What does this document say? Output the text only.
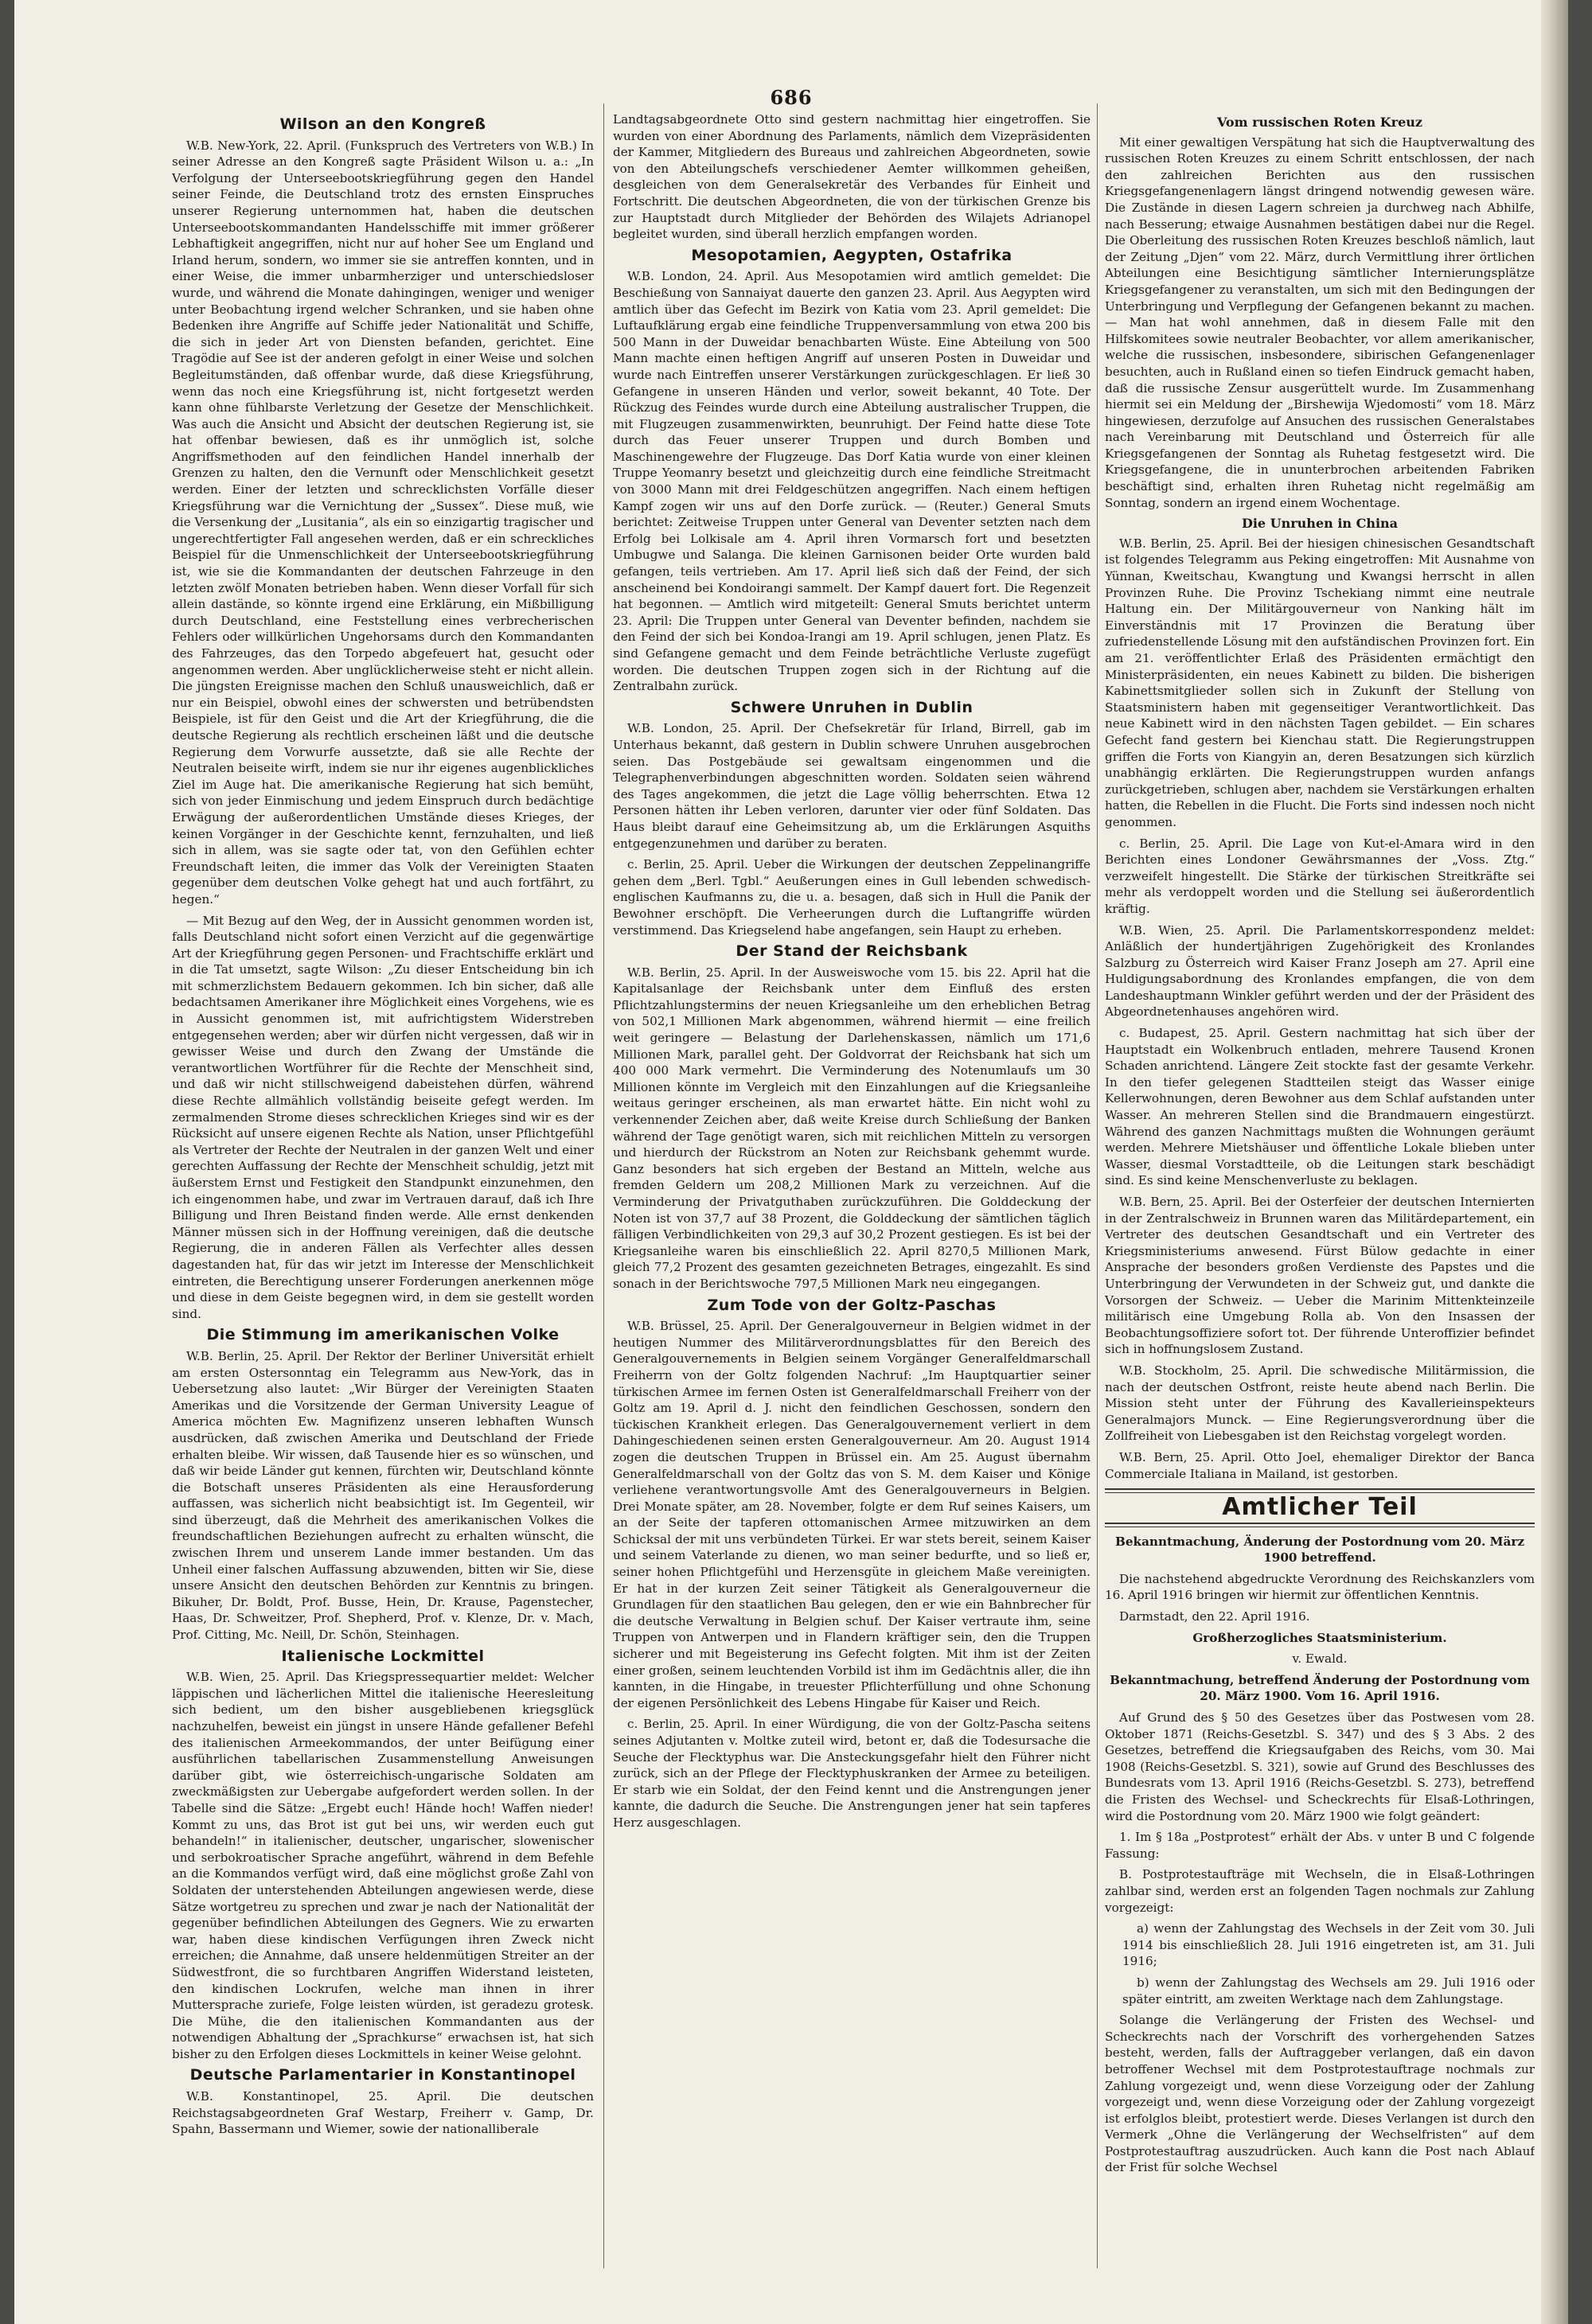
686
Wilson an den Kongreß

W.B. New-York, 22. April. (Funkspruch des Vertreters von W.B.) In seiner Adresse an den Kongreß sagte Präsident Wilson u. a.: „In Verfolgung der Unterseebootskriegführung gegen den Handel seiner Feinde, die Deutschland trotz des ernsten Einspruches unserer Regierung unternommen hat, haben die deutschen Unterseebootskommandanten Handelsschiffe mit immer größerer Lebhaftigkeit angegriffen, nicht nur auf hoher See um England und Irland herum, sondern, wo immer sie sie antreffen konnten, und in einer Weise, die immer unbarmherziger und unterschiedsloser wurde, und während die Monate dahingingen, weniger und weniger unter Beobachtung irgend welcher Schranken, und sie haben ohne Bedenken ihre Angriffe auf Schiffe jeder Nationalität und Schiffe, die sich in jeder Art von Diensten befanden, gerichtet. Eine Tragödie auf See ist der anderen gefolgt in einer Weise und solchen Begleitumständen, daß offenbar wurde, daß diese Kriegsführung, wenn das noch eine Kriegsführung ist, nicht fortgesetzt werden kann ohne fühlbarste Verletzung der Gesetze der Menschlichkeit. Was auch die Ansicht und Absicht der deutschen Regierung ist, sie hat offenbar bewiesen, daß es ihr unmöglich ist, solche Angriffsmethoden auf den feindlichen Handel innerhalb der Grenzen zu halten, den die Vernunft oder Menschlichkeit gesetzt werden. Einer der letzten und schrecklichsten Vorfälle dieser Kriegsführung war die Vernichtung der „Sussex“. Diese muß, wie die Versenkung der „Lusitania“, als ein so einzigartig tragischer und ungerechtfertigter Fall angesehen werden, daß er ein schreckliches Beispiel für die Unmenschlichkeit der Unterseebootskriegführung ist, wie sie die Kommandanten der deutschen Fahrzeuge in den letzten zwölf Monaten betrieben haben. Wenn dieser Vorfall für sich allein dastände, so könnte irgend eine Erklärung, ein Mißbilligung durch Deutschland, eine Feststellung eines verbrecherischen Fehlers oder willkürlichen Ungehorsams durch den Kommandanten des Fahrzeuges, das den Torpedo abgefeuert hat, gesucht oder angenommen werden. Aber unglücklicherweise steht er nicht allein. Die jüngsten Ereignisse machen den Schluß unausweichlich, daß er nur ein Beispiel, obwohl eines der schwersten und betrübendsten Beispiele, ist für den Geist und die Art der Kriegführung, die die deutsche Regierung als rechtlich erscheinen läßt und die deutsche Regierung dem Vorwurfe aussetzte, daß sie alle Rechte der Neutralen beiseite wirft, indem sie nur ihr eigenes augenblickliches Ziel im Auge hat. Die amerikanische Regierung hat sich bemüht, sich von jeder Einmischung und jedem Einspruch durch bedächtige Erwägung der außerordentlichen Umstände dieses Krieges, der keinen Vorgänger in der Geschichte kennt, fernzuhalten, und ließ sich in allem, was sie sagte oder tat, von den Gefühlen echter Freundschaft leiten, die immer das Volk der Vereinigten Staaten gegenüber dem deutschen Volke gehegt hat und auch fortfährt, zu hegen.“

— Mit Bezug auf den Weg, der in Aussicht genommen worden ist, falls Deutschland nicht sofort einen Verzicht auf die gegenwärtige Art der Kriegführung gegen Personen- und Frachtschiffe erklärt und in die Tat umsetzt, sagte Wilson: „Zu dieser Entscheidung bin ich mit schmerzlichstem Bedauern gekommen. Ich bin sicher, daß alle bedachtsamen Amerikaner ihre Möglichkeit eines Vorgehens, wie es in Aussicht genommen ist, mit aufrichtigstem Widerstreben entgegensehen werden; aber wir dürfen nicht vergessen, daß wir in gewisser Weise und durch den Zwang der Umstände die verantwortlichen Wortführer für die Rechte der Menschheit sind, und daß wir nicht stillschweigend dabeistehen dürfen, während diese Rechte allmählich vollständig beiseite gefegt werden. Im zermalmenden Strome dieses schrecklichen Krieges sind wir es der Rücksicht auf unsere eigenen Rechte als Nation, unser Pflichtgefühl als Vertreter der Rechte der Neutralen in der ganzen Welt und einer gerechten Auffassung der Rechte der Menschheit schuldig, jetzt mit äußerstem Ernst und Festigkeit den Standpunkt einzunehmen, den ich eingenommen habe, und zwar im Vertrauen darauf, daß ich Ihre Billigung und Ihren Beistand finden werde. Alle ernst denkenden Männer müssen sich in der Hoffnung vereinigen, daß die deutsche Regierung, die in anderen Fällen als Verfechter alles dessen dagestanden hat, für das wir jetzt im Interesse der Menschlichkeit eintreten, die Berechtigung unserer Forderungen anerkennen möge und diese in dem Geiste begegnen wird, in dem sie gestellt worden sind.

Die Stimmung im amerikanischen Volke

W.B. Berlin, 25. April. Der Rektor der Berliner Universität erhielt am ersten Ostersonntag ein Telegramm aus New-York, das in Uebersetzung also lautet: „Wir Bürger der Vereinigten Staaten Amerikas und die Vorsitzende der German University League of America möchten Ew. Magnifizenz unseren lebhaften Wunsch ausdrücken, daß zwischen Amerika und Deutschland der Friede erhalten bleibe. Wir wissen, daß Tausende hier es so wünschen, und daß wir beide Länder gut kennen, fürchten wir, Deutschland könnte die Botschaft unseres Präsidenten als eine Herausforderung auffassen, was sicherlich nicht beabsichtigt ist. Im Gegenteil, wir sind überzeugt, daß die Mehrheit des amerikanischen Volkes die freundschaftlichen Beziehungen aufrecht zu erhalten wünscht, die zwischen Ihrem und unserem Lande immer bestanden. Um das Unheil einer falschen Auffassung abzuwenden, bitten wir Sie, diese unsere Ansicht den deutschen Behörden zur Kenntnis zu bringen. Bikuher, Dr. Boldt, Prof. Busse, Hein, Dr. Krause, Pagenstecher, Haas, Dr. Schweitzer, Prof. Shepherd, Prof. v. Klenze, Dr. v. Mach, Prof. Citting, Mc. Neill, Dr. Schön, Steinhagen.

Italienische Lockmittel

W.B. Wien, 25. April. Das Kriegspressequartier meldet: Welcher läppischen und lächerlichen Mittel die italienische Heeresleitung sich bedient, um den bisher ausgebliebenen kriegsglück nachzuhelfen, beweist ein jüngst in unsere Hände gefallener Befehl des italienischen Armeekommandos, der unter Beifügung einer ausführlichen tabellarischen Zusammenstellung Anweisungen darüber gibt, wie österreichisch-ungarische Soldaten am zweckmäßigsten zur Uebergabe aufgefordert werden sollen. In der Tabelle sind die Sätze: „Ergebt euch! Hände hoch! Waffen nieder! Kommt zu uns, das Brot ist gut bei uns, wir werden euch gut behandeln!“ in italienischer, deutscher, ungarischer, slowenischer und serbokroatischer Sprache angeführt, während in dem Befehle an die Kommandos verfügt wird, daß eine möglichst große Zahl von Soldaten der unterstehenden Abteilungen angewiesen werde, diese Sätze wortgetreu zu sprechen und zwar je nach der Nationalität der gegenüber befindlichen Abteilungen des Gegners. Wie zu erwarten war, haben diese kindischen Verfügungen ihren Zweck nicht erreichen; die Annahme, daß unsere heldenmütigen Streiter an der Südwestfront, die so furchtbaren Angriffen Widerstand leisteten, den kindischen Lockrufen, welche man ihnen in ihrer Muttersprache zuriefe, Folge leisten würden, ist geradezu grotesk. Die Mühe, die den italienischen Kommandanten aus der notwendigen Abhaltung der „Sprachkurse“ erwachsen ist, hat sich bisher zu den Erfolgen dieses Lockmittels in keiner Weise gelohnt.

Deutsche Parlamentarier in Konstantinopel

W.B. Konstantinopel, 25. April. Die deutschen Reichstagsabgeordneten Graf Westarp, Freiherr v. Gamp, Dr. Spahn, Bassermann und Wiemer, sowie der nationalliberale

Landtagsabgeordnete Otto sind gestern nachmittag hier eingetroffen. Sie wurden von einer Abordnung des Parlaments, nämlich dem Vizepräsidenten der Kammer, Mitgliedern des Bureaus und zahlreichen Abgeordneten, sowie von den Abteilungschefs verschiedener Aemter willkommen geheißen, desgleichen von dem Generalsekretär des Verbandes für Einheit und Fortschritt. Die deutschen Abgeordneten, die von der türkischen Grenze bis zur Hauptstadt durch Mitglieder der Behörden des Wilajets Adrianopel begleitet wurden, sind überall herzlich empfangen worden.

Mesopotamien, Aegypten, Ostafrika

W.B. London, 24. April. Aus Mesopotamien wird amtlich gemeldet: Die Beschießung von Sannaiyat dauerte den ganzen 23. April. Aus Aegypten wird amtlich über das Gefecht im Bezirk von Katia vom 23. April gemeldet: Die Luftaufklärung ergab eine feindliche Truppenversammlung von etwa 200 bis 500 Mann in der Duweidar benachbarten Wüste. Eine Abteilung von 500 Mann machte einen heftigen Angriff auf unseren Posten in Duweidar und wurde nach Eintreffen unserer Verstärkungen zurückgeschlagen. Er ließ 30 Gefangene in unseren Händen und verlor, soweit bekannt, 40 Tote. Der Rückzug des Feindes wurde durch eine Abteilung australischer Truppen, die mit Flugzeugen zusammenwirkten, beunruhigt. Der Feind hatte diese Tote durch das Feuer unserer Truppen und durch Bomben und Maschinengewehre der Flugzeuge. Das Dorf Katia wurde von einer kleinen Truppe Yeomanry besetzt und gleichzeitig durch eine feindliche Streitmacht von 3000 Mann mit drei Feldgeschützen angegriffen. Nach einem heftigen Kampf zogen wir uns auf den Dorfe zurück. — (Reuter.) General Smuts berichtet: Zeitweise Truppen unter General van Deventer setzten nach dem Erfolg bei Lolkisale am 4. April ihren Vormarsch fort und besetzten Umbugwe und Salanga. Die kleinen Garnisonen beider Orte wurden bald gefangen, teils vertrieben. Am 17. April ließ sich daß der Feind, der sich anscheinend bei Kondoirangi sammelt. Der Kampf dauert fort. Die Regenzeit hat begonnen. — Amtlich wird mitgeteilt: General Smuts berichtet unterm 23. April: Die Truppen unter General van Deventer befinden, nachdem sie den Feind der sich bei Kondoa-Irangi am 19. April schlugen, jenen Platz. Es sind Gefangene gemacht und dem Feinde beträchtliche Verluste zugefügt worden. Die deutschen Truppen zogen sich in der Richtung auf die Zentralbahn zurück.

Schwere Unruhen in Dublin

W.B. London, 25. April. Der Chefsekretär für Irland, Birrell, gab im Unterhaus bekannt, daß gestern in Dublin schwere Unruhen ausgebrochen seien. Das Postgebäude sei gewaltsam eingenommen und die Telegraphenverbindungen abgeschnitten worden. Soldaten seien während des Tages angekommen, die jetzt die Lage völlig beherrschten. Etwa 12 Personen hätten ihr Leben verloren, darunter vier oder fünf Soldaten. Das Haus bleibt darauf eine Geheimsitzung ab, um die Erklärungen Asquiths entgegenzunehmen und darüber zu beraten.

c. Berlin, 25. April. Ueber die Wirkungen der deutschen Zeppelinangriffe gehen dem „Berl. Tgbl.“ Aeußerungen eines in Gull lebenden schwedisch-englischen Kaufmanns zu, die u. a. besagen, daß sich in Hull die Panik der Bewohner erschöpft. Die Verheerungen durch die Luftangriffe würden verstimmend. Das Kriegselend habe angefangen, sein Haupt zu erheben.

Der Stand der Reichsbank

W.B. Berlin, 25. April. In der Ausweiswoche vom 15. bis 22. April hat die Kapitalsanlage der Reichsbank unter dem Einfluß des ersten Pflichtzahlungstermins der neuen Kriegsanleihe um den erheblichen Betrag von 502,1 Millionen Mark abgenommen, während hiermit — eine freilich weit geringere — Belastung der Darlehenskassen, nämlich um 171,6 Millionen Mark, parallel geht. Der Goldvorrat der Reichsbank hat sich um 400 000 Mark vermehrt. Die Verminderung des Notenumlaufs um 30 Millionen könnte im Vergleich mit den Einzahlungen auf die Kriegsanleihe weitaus geringer erscheinen, als man erwartet hätte. Ein nicht wohl zu verkennender Zeichen aber, daß weite Kreise durch Schließung der Banken während der Tage genötigt waren, sich mit reichlichen Mitteln zu versorgen und hierdurch der Rückstrom an Noten zur Reichsbank gehemmt wurde. Ganz besonders hat sich ergeben der Bestand an Mitteln, welche aus fremden Geldern um 208,2 Millionen Mark zu verzeichnen. Auf die Verminderung der Privatguthaben zurückzuführen. Die Golddeckung der Noten ist von 37,7 auf 38 Prozent, die Golddeckung der sämtlichen täglich fälligen Verbindlichkeiten von 29,3 auf 30,2 Prozent gestiegen. Es ist bei der Kriegsanleihe waren bis einschließlich 22. April 8270,5 Millionen Mark, gleich 77,2 Prozent des gesamten gezeichneten Betrages, eingezahlt. Es sind sonach in der Berichtswoche 797,5 Millionen Mark neu eingegangen.

Zum Tode von der Goltz-Paschas

W.B. Brüssel, 25. April. Der Generalgouverneur in Belgien widmet in der heutigen Nummer des Militärverordnungsblattes für den Bereich des Generalgouvernements in Belgien seinem Vorgänger Generalfeldmarschall Freiherrn von der Goltz folgenden Nachruf: „Im Hauptquartier seiner türkischen Armee im fernen Osten ist Generalfeldmarschall Freiherr von der Goltz am 19. April d. J. nicht den feindlichen Geschossen, sondern den tückischen Krankheit erlegen. Das Generalgouvernement verliert in dem Dahingeschiedenen seinen ersten Generalgouverneur. Am 20. August 1914 zogen die deutschen Truppen in Brüssel ein. Am 25. August übernahm Generalfeldmarschall von der Goltz das von S. M. dem Kaiser und Könige verliehene verantwortungsvolle Amt des Generalgouverneurs in Belgien. Drei Monate später, am 28. November, folgte er dem Ruf seines Kaisers, um an der Seite der tapferen ottomanischen Armee mitzuwirken an dem Schicksal der mit uns verbündeten Türkei. Er war stets bereit, seinem Kaiser und seinem Vaterlande zu dienen, wo man seiner bedurfte, und so ließ er, seiner hohen Pflichtgefühl und Herzensgüte in gleichem Maße vereinigten. Er hat in der kurzen Zeit seiner Tätigkeit als Generalgouverneur die Grundlagen für den staatlichen Bau gelegen, den er wie ein Bahnbrecher für die deutsche Verwaltung in Belgien schuf. Der Kaiser vertraute ihm, seine Truppen von Antwerpen und in Flandern kräftiger sein, den die Truppen sicherer und mit Begeisterung ins Gefecht folgten. Mit ihm ist der Zeiten einer großen, seinem leuchtenden Vorbild ist ihm im Gedächtnis aller, die ihn kannten, in die Hingabe, in treuester Pflichterfüllung und ohne Schonung der eigenen Persönlichkeit des Lebens Hingabe für Kaiser und Reich.

c. Berlin, 25. April. In einer Würdigung, die von der Goltz-Pascha seitens seines Adjutanten v. Moltke zuteil wird, betont er, daß die Todesursache die Seuche der Flecktyphus war. Die Ansteckungsgefahr hielt den Führer nicht zurück, sich an der Pflege der Flecktyphuskranken der Armee zu beteiligen. Er starb wie ein Soldat, der den Feind kennt und die Anstrengungen jener kannte, die dadurch die Seuche. Die Anstrengungen jener hat sein tapferes Herz ausgeschlagen.

Vom russischen Roten Kreuz

Mit einer gewaltigen Verspätung hat sich die Hauptverwaltung des russischen Roten Kreuzes zu einem Schritt entschlossen, der nach den zahlreichen Berichten aus den russischen Kriegsgefangenenlagern längst dringend notwendig gewesen wäre. Die Zustände in diesen Lagern schreien ja durchweg nach Abhilfe, nach Besserung; etwaige Ausnahmen bestätigen dabei nur die Regel. Die Oberleitung des russischen Roten Kreuzes beschloß nämlich, laut der Zeitung „Djen“ vom 22. März, durch Vermittlung ihrer örtlichen Abteilungen eine Besichtigung sämtlicher Internierungsplätze Kriegsgefangener zu veranstalten, um sich mit den Bedingungen der Unterbringung und Verpflegung der Gefangenen bekannt zu machen. — Man hat wohl annehmen, daß in diesem Falle mit den Hilfskomitees sowie neutraler Beobachter, vor allem amerikanischer, welche die russischen, insbesondere, sibirischen Gefangenenlager besuchten, auch in Rußland einen so tiefen Eindruck gemacht haben, daß die russische Zensur ausgerüttelt wurde. Im Zusammenhang hiermit sei ein Meldung der „Birshewija Wjedomosti“ vom 18. März hingewiesen, derzufolge auf Ansuchen des russischen Generalstabes nach Vereinbarung mit Deutschland und Österreich für alle Kriegsgefangenen der Sonntag als Ruhetag festgesetzt wird. Die Kriegsgefangene, die in ununterbrochen arbeitenden Fabriken beschäftigt sind, erhalten ihren Ruhetag nicht regelmäßig am Sonntag, sondern an irgend einem Wochentage.

Die Unruhen in China

W.B. Berlin, 25. April. Bei der hiesigen chinesischen Gesandtschaft ist folgendes Telegramm aus Peking eingetroffen: Mit Ausnahme von Yünnan, Kweitschau, Kwangtung und Kwangsi herrscht in allen Provinzen Ruhe. Die Provinz Tschekiang nimmt eine neutrale Haltung ein. Der Militärgouverneur von Nanking hält im Einverständnis mit 17 Provinzen die Beratung über zufriedenstellende Lösung mit den aufständischen Provinzen fort. Ein am 21. veröffentlichter Erlaß des Präsidenten ermächtigt den Ministerpräsidenten, ein neues Kabinett zu bilden. Die bisherigen Kabinettsmitglieder sollen sich in Zukunft der Stellung von Staatsministern haben mit gegenseitiger Verantwortlichkeit. Das neue Kabinett wird in den nächsten Tagen gebildet. — Ein schares Gefecht fand gestern bei Kienchau statt. Die Regierungstruppen griffen die Forts von Kiangyin an, deren Besatzungen sich kürzlich unabhängig erklärten. Die Regierungstruppen wurden anfangs zurückgetrieben, schlugen aber, nachdem sie Verstärkungen erhalten hatten, die Rebellen in die Flucht. Die Forts sind indessen noch nicht genommen.

c. Berlin, 25. April. Die Lage von Kut-el-Amara wird in den Berichten eines Londoner Gewährsmannes der „Voss. Ztg.“ verzweifelt hingestellt. Die Stärke der türkischen Streitkräfte sei mehr als verdoppelt worden und die Stellung sei äußerordentlich kräftig.

W.B. Wien, 25. April. Die Parlamentskorrespondenz meldet: Anläßlich der hundertjährigen Zugehörigkeit des Kronlandes Salzburg zu Österreich wird Kaiser Franz Joseph am 27. April eine Huldigungsabordnung des Kronlandes empfangen, die von dem Landeshauptmann Winkler geführt werden und der der Präsident des Abgeordnetenhauses angehören wird.

c. Budapest, 25. April. Gestern nachmittag hat sich über der Hauptstadt ein Wolkenbruch entladen, mehrere Tausend Kronen Schaden anrichtend. Längere Zeit stockte fast der gesamte Verkehr. In den tiefer gelegenen Stadtteilen steigt das Wasser einige Kellerwohnungen, deren Bewohner aus dem Schlaf aufstanden unter Wasser. An mehreren Stellen sind die Brandmauern eingestürzt. Während des ganzen Nachmittags mußten die Wohnungen geräumt werden. Mehrere Mietshäuser und öffentliche Lokale blieben unter Wasser, diesmal Vorstadtteile, ob die Leitungen stark beschädigt sind. Es sind keine Menschenverluste zu beklagen.

W.B. Bern, 25. April. Bei der Osterfeier der deutschen Internierten in der Zentralschweiz in Brunnen waren das Militärdepartement, ein Vertreter des deutschen Gesandtschaft und ein Vertreter des Kriegsministeriums anwesend. Fürst Bülow gedachte in einer Ansprache der besonders großen Verdienste des Papstes und die Unterbringung der Verwundeten in der Schweiz gut, und dankte die Vorsorgen der Schweiz. — Ueber die Marinim Mittenkteinzeile militärisch eine Umgebung Rolla ab. Von den Insassen der Beobachtungsoffiziere sofort tot. Der führende Unteroffizier befindet sich in hoffnungslosem Zustand.

W.B. Stockholm, 25. April. Die schwedische Militärmission, die nach der deutschen Ostfront, reiste heute abend nach Berlin. Die Mission steht unter der Führung des Kavallerieinspekteurs Generalmajors Munck. — Eine Regierungsverordnung über die Zollfreiheit von Liebesgaben ist den Reichstag vorgelegt worden.

W.B. Bern, 25. April. Otto Joel, ehemaliger Direktor der Banca Commerciale Italiana in Mailand, ist gestorben.

Amtlicher Teil

Bekanntmachung, Änderung der Postordnung vom 20. März 1900 betreffend.

Die nachstehend abgedruckte Verordnung des Reichskanzlers vom 16. April 1916 bringen wir hiermit zur öffentlichen Kenntnis.

Darmstadt, den 22. April 1916.

Großherzogliches Staatsministerium.

v. Ewald.

Bekanntmachung, betreffend Änderung der Postordnung vom 20. März 1900. Vom 16. April 1916.

Auf Grund des § 50 des Gesetzes über das Postwesen vom 28. Oktober 1871 (Reichs-Gesetzbl. S. 347) und des § 3 Abs. 2 des Gesetzes, betreffend die Kriegsaufgaben des Reichs, vom 30. Mai 1908 (Reichs-Gesetzbl. S. 321), sowie auf Grund des Beschlusses des Bundesrats vom 13. April 1916 (Reichs-Gesetzbl. S. 273), betreffend die Fristen des Wechsel- und Scheckrechts für Elsaß-Lothringen, wird die Postordnung vom 20. März 1900 wie folgt geändert:

1. Im § 18a „Postprotest“ erhält der Abs. v unter B und C folgende Fassung:

B. Postprotestaufträge mit Wechseln, die in Elsaß-Lothringen zahlbar sind, werden erst an folgenden Tagen nochmals zur Zahlung vorgezeigt:

a) wenn der Zahlungstag des Wechsels in der Zeit vom 30. Juli 1914 bis einschließlich 28. Juli 1916 eingetreten ist, am 31. Juli 1916;

b) wenn der Zahlungstag des Wechsels am 29. Juli 1916 oder später eintritt, am zweiten Werktage nach dem Zahlungstage.

Solange die Verlängerung der Fristen des Wechsel- und Scheckrechts nach der Vorschrift des vorhergehenden Satzes besteht, werden, falls der Auftraggeber verlangen, daß ein davon betroffener Wechsel mit dem Postprotestauftrage nochmals zur Zahlung vorgezeigt und, wenn diese Vorzeigung oder der Zahlung vorgezeigt und, wenn diese Vorzeigung oder der Zahlung vorgezeigt ist erfolglos bleibt, protestiert werde. Dieses Verlangen ist durch den Vermerk „Ohne die Verlängerung der Wechselfristen“ auf dem Postprotestauftrag auszudrücken. Auch kann die Post nach Ablauf der Frist für solche Wechsel
